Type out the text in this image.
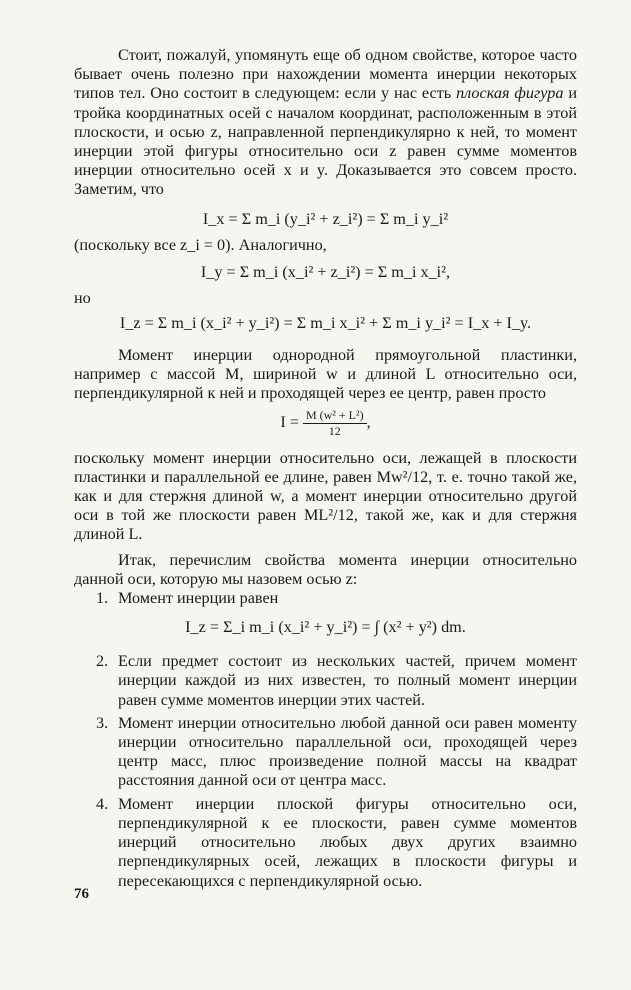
Стоит, пожалуй, упомянуть еще об одном свойстве, которое часто бывает очень полезно при нахождении момента инерции некоторых типов тел. Оно состоит в следующем: если у нас есть плоская фигура и тройка координатных осей с началом координат, расположенным в этой плоскости, и осью z, направленной перпендикулярно к ней, то момент инерции этой фигуры относительно оси z равен сумме моментов инерции относительно осей x и y. Доказывается это совсем просто. Заметим, что

I_x = Σ m_i (y_i² + z_i²) = Σ m_i y_i²

(поскольку все z_i = 0). Аналогично,

I_y = Σ m_i (x_i² + z_i²) = Σ m_i x_i²,

но

I_z = Σ m_i (x_i² + y_i²) = Σ m_i x_i² + Σ m_i y_i² = I_x + I_y.

Момент инерции однородной прямоугольной пластинки, например с массой M, шириной w и длиной L относительно оси, перпендикулярной к ней и проходящей через ее центр, равен просто

$I = \frac{\text{M (w² + L²)}}{12}$ ,

поскольку момент инерции относительно оси, лежащей в плоскости пластинки и параллельной ее длине, равен Mw²/12, т. е. точно такой же, как и для стержня длиной w, а момент инерции относительно другой оси в той же плоскости равен ML²/12, такой же, как и для стержня длиной L.

Итак, перечислим свойства момента инерции относительно данной оси, которую мы назовем осью z:

1. Момент инерции равен

I_z = Σ_i m_i (x_i² + y_i²) = ∫ (x² + y²) dm.

2. Если предмет состоит из нескольких частей, причем момент инерции каждой из них известен, то полный момент инерции равен сумме моментов инерции этих частей.

3. Момент инерции относительно любой данной оси равен моменту инерции относительно параллельной оси, проходящей через центр масс, плюс произведение полной массы на квадрат расстояния данной оси от центра масс.

4. Момент инерции плоской фигуры относительно оси, перпендикулярной к ее плоскости, равен сумме моментов инерций относительно любых двух других взаимно перпендикулярных осей, лежащих в плоскости фигуры и пересекающихся с перпендикулярной осью.

76
